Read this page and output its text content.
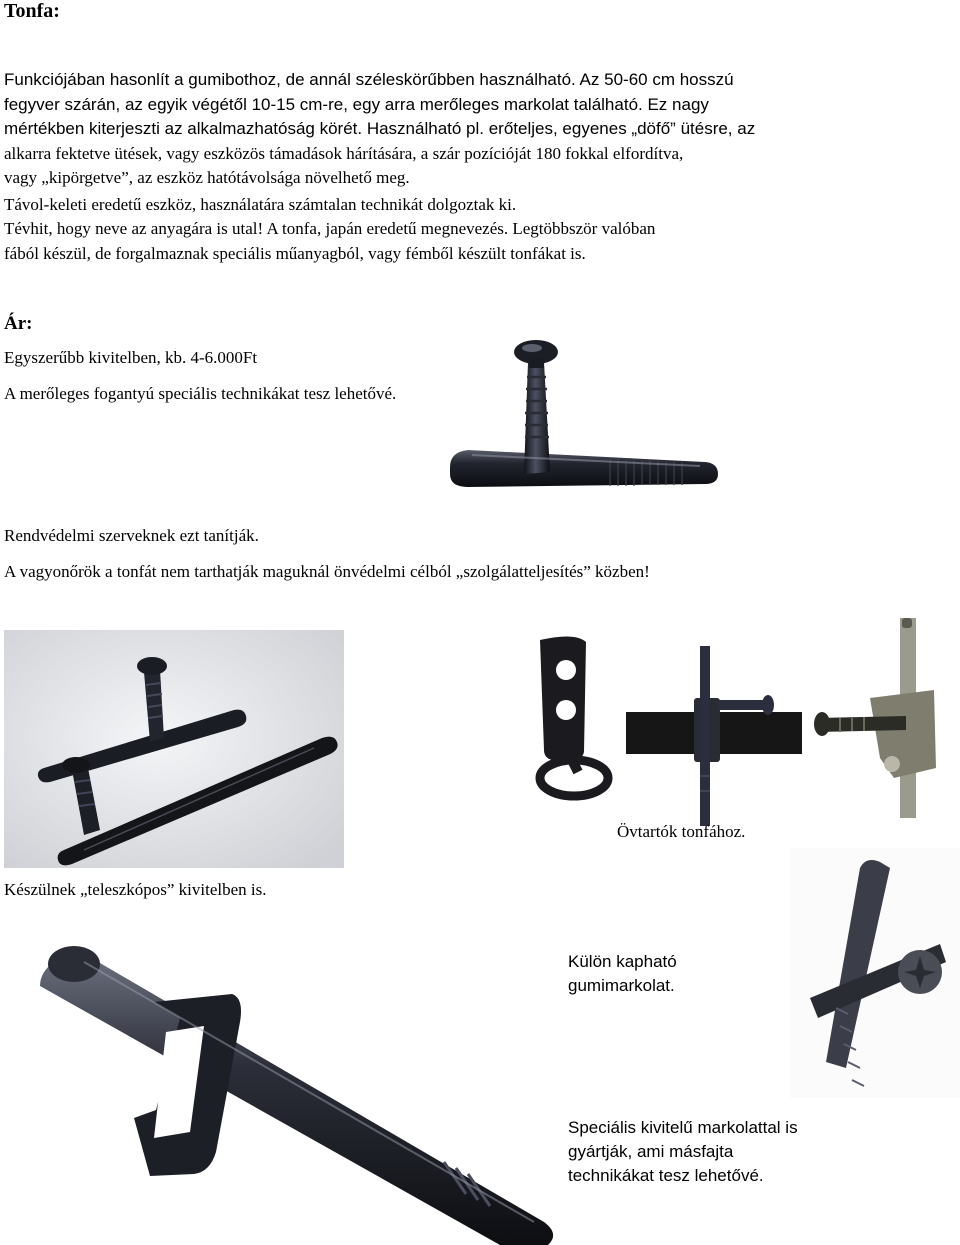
Tonfa:
Funkciójában hasonlít a gumibothoz, de annál széleskörűbben használható. Az 50-60 cm hosszú
fegyver szárán, az egyik végétől 10-15 cm-re, egy arra merőleges markolat található. Ez nagy
mértékben kiterjeszti az alkalmazhatóság körét. Használható pl. erőteljes, egyenes „döfő” ütésre, az
alkarra fektetve ütések, vagy eszközös támadások hárítására, a szár pozícióját 180 fokkal elfordítva,
vagy „kipörgetve”, az eszköz hatótávolsága növelhető meg.
Távol-keleti eredetű eszköz, használatára számtalan technikát dolgoztak ki.
Tévhit, hogy neve az anyagára is utal! A tonfa, japán eredetű megnevezés. Legtöbbször valóban
fából készül, de forgalmaznak speciális műanyagból, vagy fémből készült tonfákat is.
Ár:
Egyszerűbb kivitelben, kb. 4-6.000Ft
A merőleges fogantyú speciális technikákat tesz lehetővé.
Rendvédelmi szerveknek ezt tanítják.
A vagyonőrök a tonfát nem tarthatják maguknál önvédelmi célból „szolgálatteljesítés” közben!
Övtartók tonfához.
Készülnek „teleszkópos” kivitelben is.
Külön kapható
gumimarkolat.
Speciális kivitelű markolattal is
gyártják, ami másfajta
technikákat tesz lehetővé.
